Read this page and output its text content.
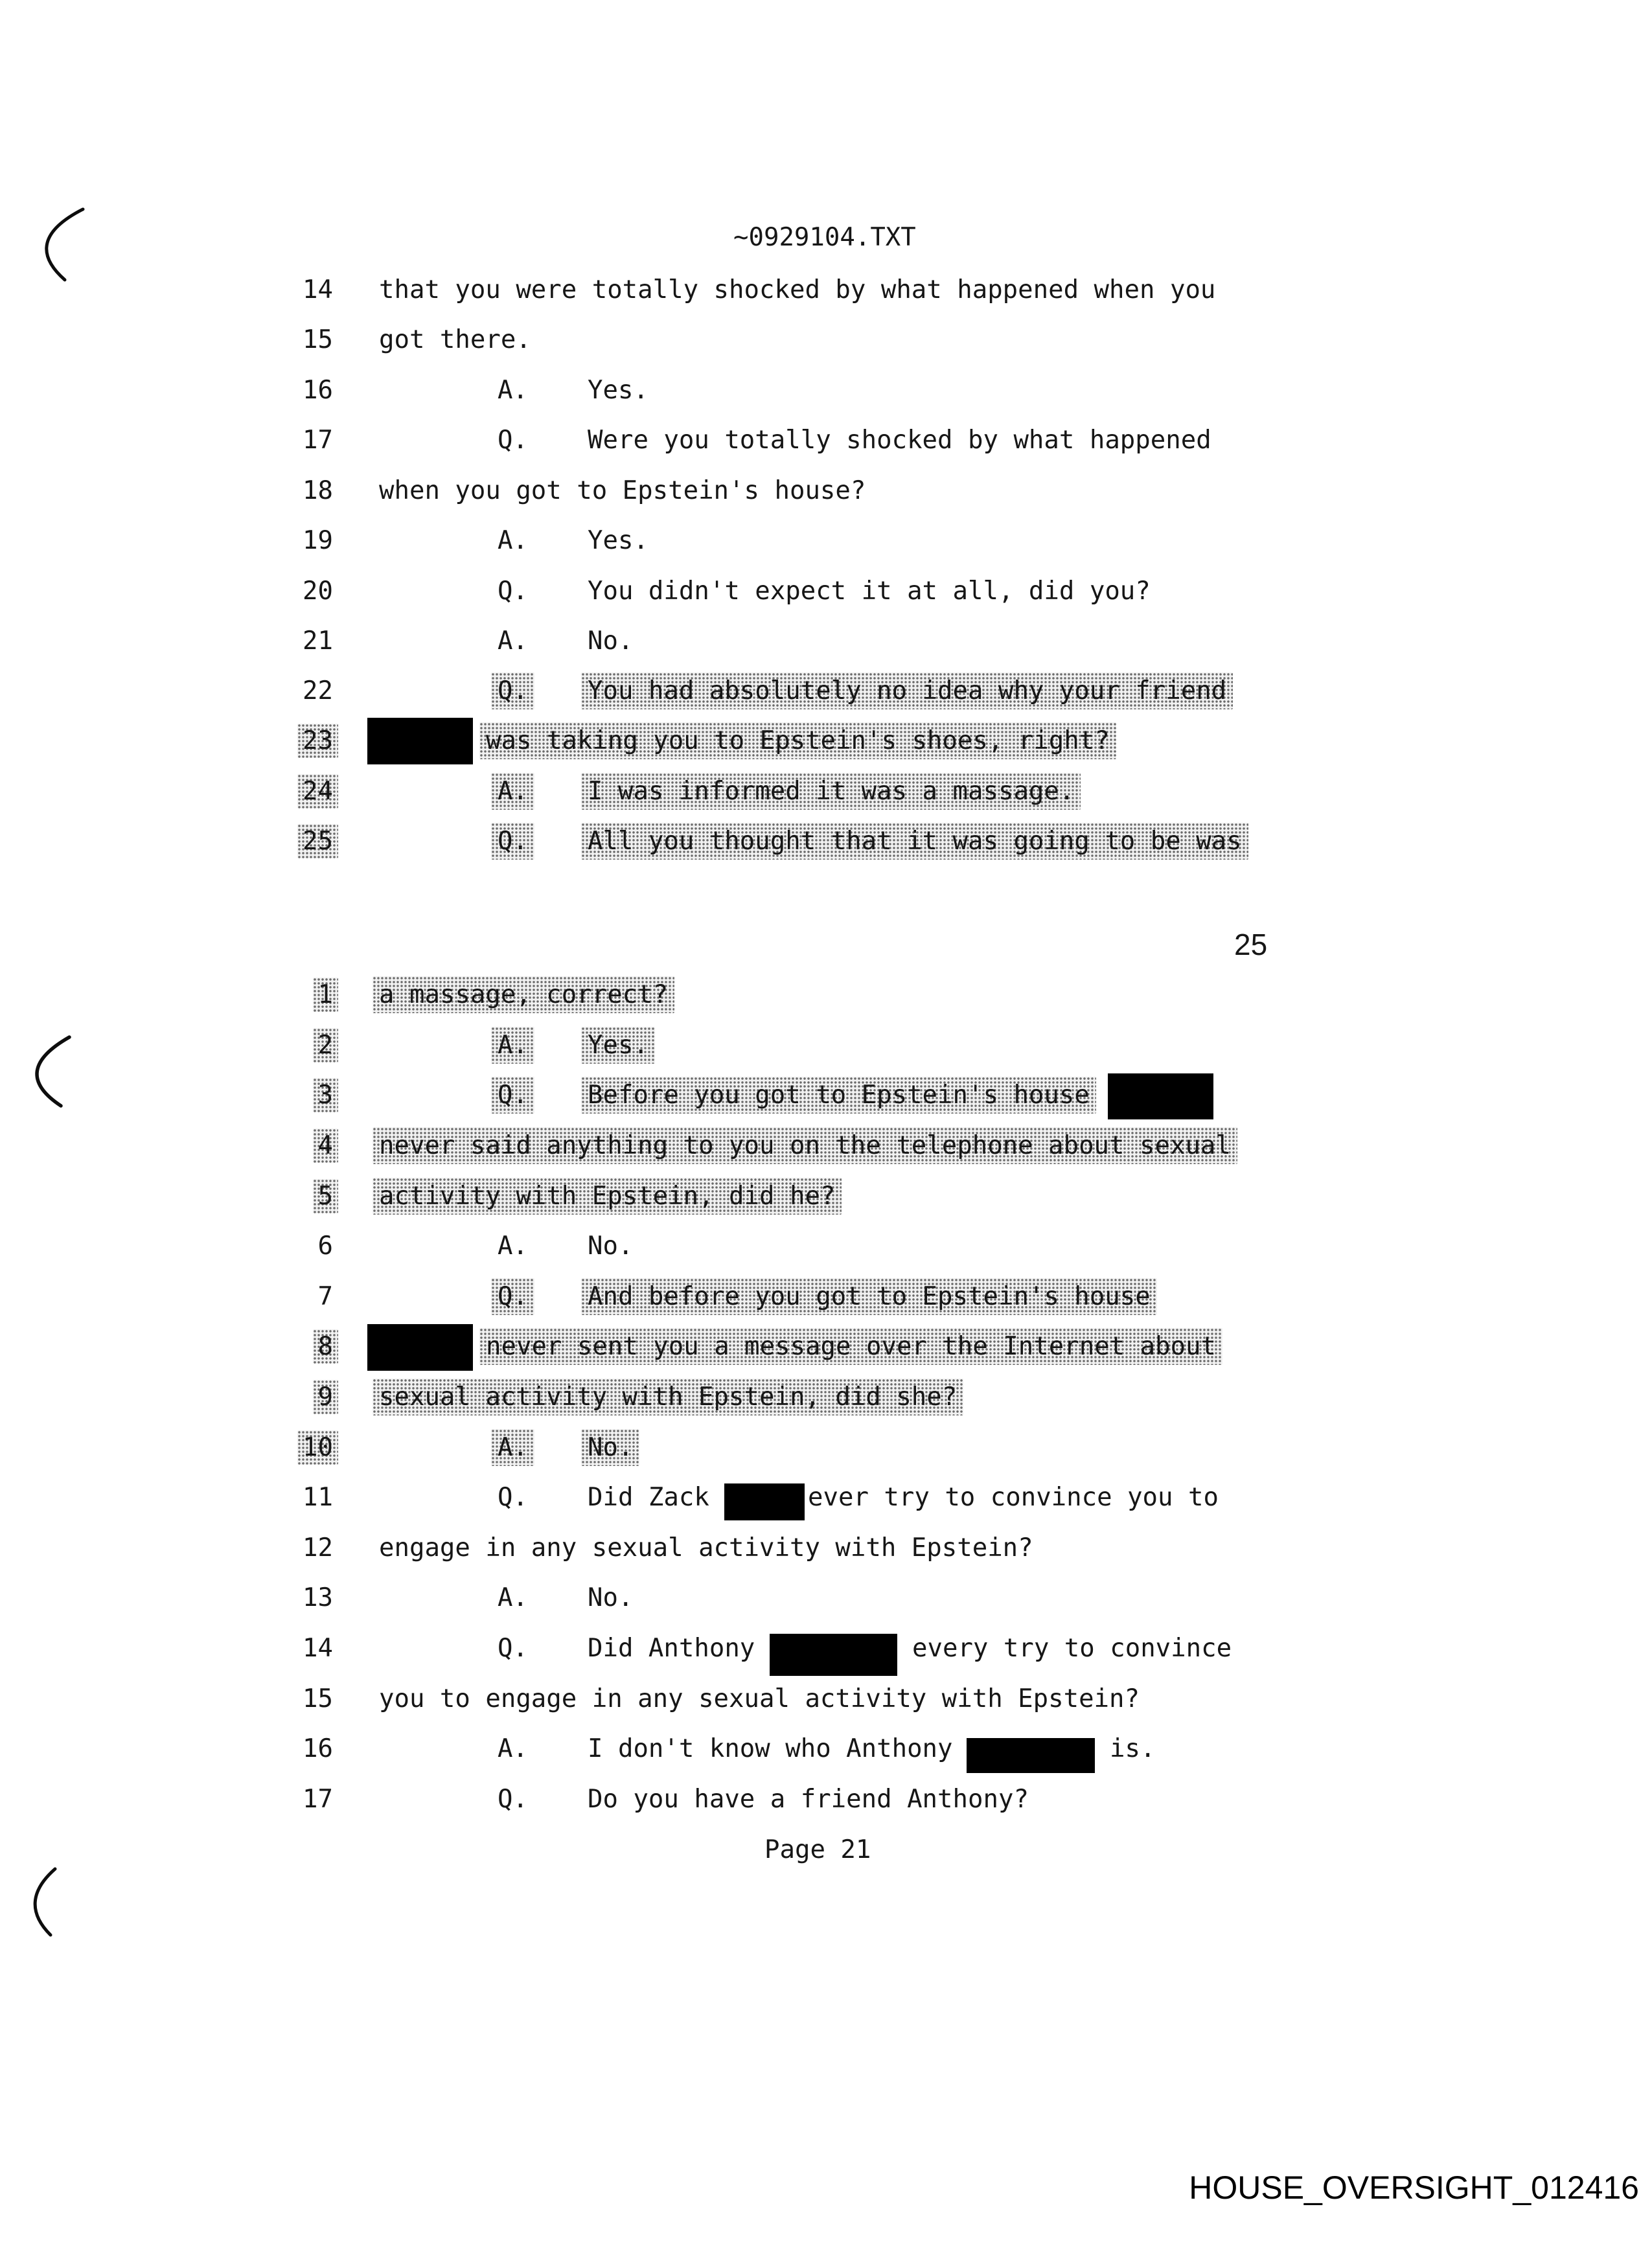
~0929104.TXT
14 that you were totally shocked by what happened when you
15 got there.
16	A. Yes.
17	Q. Were you totally shocked by what happened
18 when you got to Epstein's house?
19	A. Yes.
20	Q. You didn't expect it at all, did you?
21	A. No.
22	Q. You had absolutely no idea why your friend
23	was taking you to Epstein's shoes, right?
24	A. I was informed it was a massage.
25	Q. All you thought that it was going to be was
1 a massage, correct?
2	A. Yes.
3	Q. Before you got to Epstein's house
4 never said anything to you on the telephone about sexual
5 activity with Epstein, did he?
6	A. No.
7	Q. And before you got to Epstein's house
8	never sent you a message over the Internet about
9 sexual activity with Epstein, did she?
10	A. No.
11	Q. Did Zack	ever try to convince you to
12 engage in any sexual activity with Epstein?
13	A. No.
14	Q. Did Anthony	every try to convince
15 you to engage in any sexual activity with Epstein?
16	A. I don't know who Anthony	is.
17	Q. Do you have a friend Anthony?
25
Page 21

HOUSE_OVERSIGHT_012416
